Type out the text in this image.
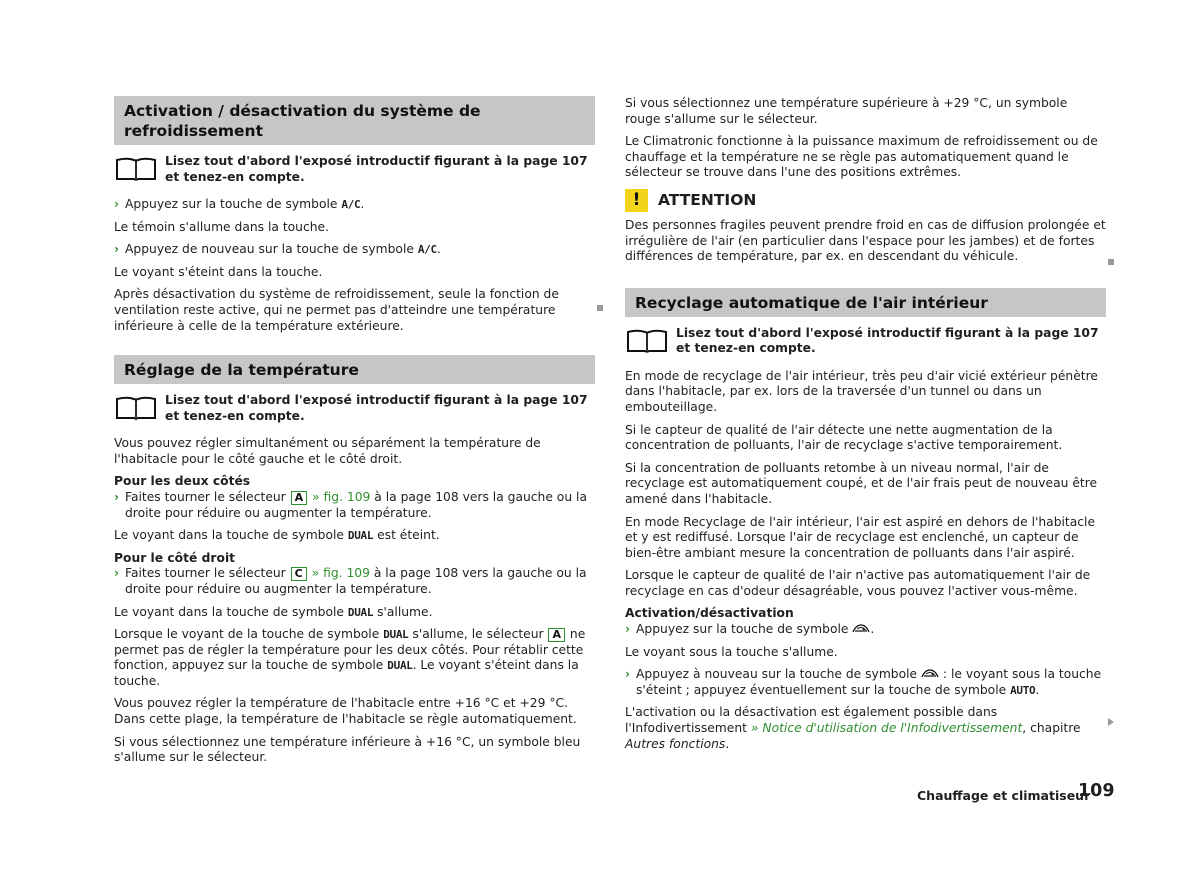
Activation / désactivation du système de refroidissement
Lisez tout d'abord l'exposé introductif figurant à la page 107 et tenez-en compte.

› Appuyez sur la touche de symbole A/C.

Le témoin s'allume dans la touche.

› Appuyez de nouveau sur la touche de symbole A/C.

Le voyant s'éteint dans la touche.

Après désactivation du système de refroidissement, seule la fonction de ventilation reste active, qui ne permet pas d'atteindre une température inférieure à celle de la température extérieure.

Réglage de la température
Lisez tout d'abord l'exposé introductif figurant à la page 107 et tenez-en compte.

Vous pouvez régler simultanément ou séparément la température de l'habitacle pour le côté gauche et le côté droit.

Pour les deux côtés

› Faites tourner le sélecteur A » fig. 109 à la page 108 vers la gauche ou la droite pour réduire ou augmenter la température.

Le voyant dans la touche de symbole DUAL est éteint.

Pour le côté droit

› Faites tourner le sélecteur C » fig. 109 à la page 108 vers la gauche ou la droite pour réduire ou augmenter la température.

Le voyant dans la touche de symbole DUAL s'allume.

Lorsque le voyant de la touche de symbole DUAL s'allume, le sélecteur A ne permet pas de régler la température pour les deux côtés. Pour rétablir cette fonction, appuyez sur la touche de symbole DUAL. Le voyant s'éteint dans la touche.

Vous pouvez régler la température de l'habitacle entre +16 °C et +29 °C. Dans cette plage, la température de l'habitacle se règle automatiquement.

Si vous sélectionnez une température inférieure à +16 °C, un symbole bleu s'allume sur le sélecteur.

Si vous sélectionnez une température supérieure à +29 °C, un symbole rouge s'allume sur le sélecteur.

Le Climatronic fonctionne à la puissance maximum de refroidissement ou de chauffage et la température ne se règle pas automatiquement quand le sélecteur se trouve dans l'une des positions extrêmes.

!	ATTENTION

Des personnes fragiles peuvent prendre froid en cas de diffusion prolongée et irrégulière de l'air (en particulier dans l'espace pour les jambes) et de fortes différences de température, par ex. en descendant du véhicule.

Recyclage automatique de l'air intérieur
Lisez tout d'abord l'exposé introductif figurant à la page 107 et tenez-en compte.

En mode de recyclage de l'air intérieur, très peu d'air vicié extérieur pénètre dans l'habitacle, par ex. lors de la traversée d'un tunnel ou dans un embouteillage.

Si le capteur de qualité de l'air détecte une nette augmentation de la concentration de polluants, l'air de recyclage s'active temporairement.

Si la concentration de polluants retombe à un niveau normal, l'air de recyclage est automatiquement coupé, et de l'air frais peut de nouveau être amené dans l'habitacle.

En mode Recyclage de l'air intérieur, l'air est aspiré en dehors de l'habitacle et y est rediffusé. Lorsque l'air de recyclage est enclenché, un capteur de bien-être ambiant mesure la concentration de polluants dans l'air aspiré.

Lorsque le capteur de qualité de l'air n'active pas automatiquement l'air de recyclage en cas d'odeur désagréable, vous pouvez l'activer vous-même.

Activation/désactivation

› Appuyez sur la touche de symbole .

Le voyant sous la touche s'allume.

› Appuyez à nouveau sur la touche de symbole  : le voyant sous la touche s'éteint ; appuyez éventuellement sur la touche de symbole AUTO.

L'activation ou la désactivation est également possible dans l'Infodivertissement » Notice d'utilisation de l'Infodivertissement, chapitre Autres fonctions.

Chauffage et climatiseur
109
